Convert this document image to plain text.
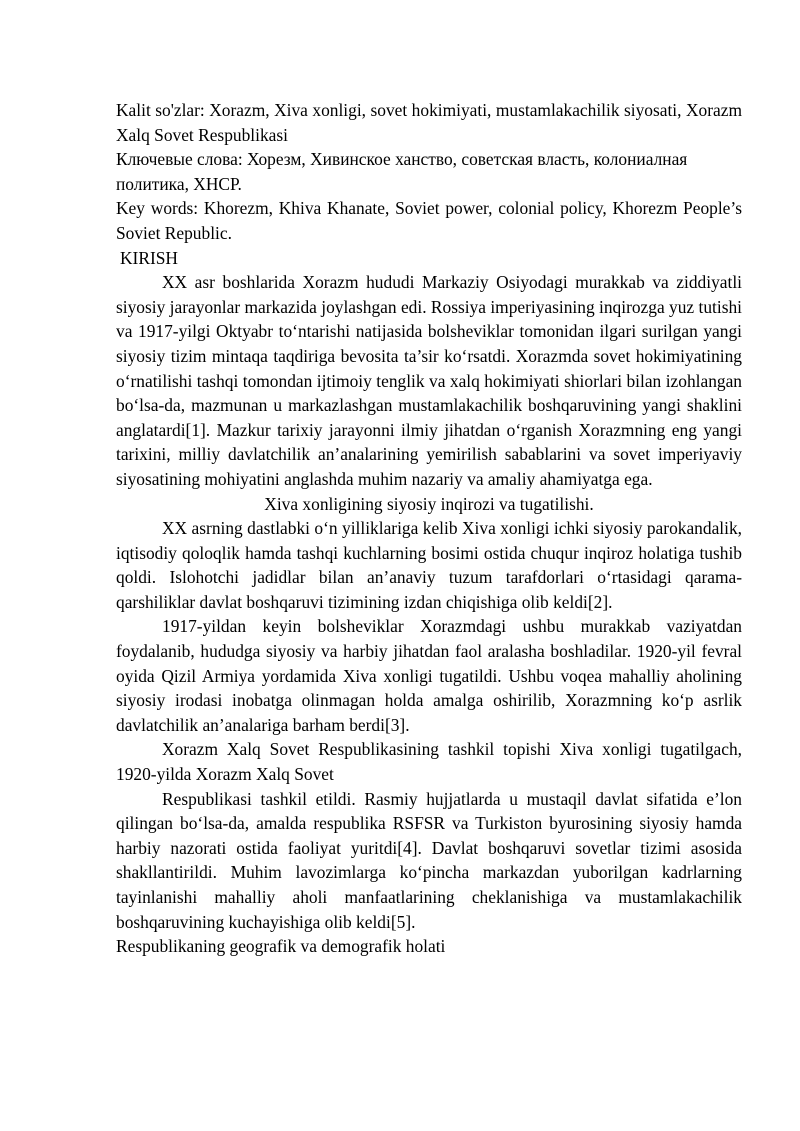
Kalit so'zlar: Xorazm, Xiva xonligi, sovet hokimiyati, mustamlakachilik siyosati, Xorazm Xalq Sovet Respublikasi

Ключевые слова: Хорезм, Хивинское ханство, советская власть, колониалная политика, ХНСР.

Key words: Khorezm, Khiva Khanate, Soviet power, colonial policy, Khorezm People’s Soviet Republic.

KIRISH

XX asr boshlarida Xorazm hududi Markaziy Osiyodagi murakkab va ziddiyatli siyosiy jarayonlar markazida joylashgan edi. Rossiya imperiyasining inqirozga yuz tutishi va 1917-yilgi Oktyabr to‘ntarishi natijasida bolsheviklar tomonidan ilgari surilgan yangi siyosiy tizim mintaqa taqdiriga bevosita ta’sir ko‘rsatdi. Xorazmda sovet hokimiyatining o‘rnatilishi tashqi tomondan ijtimoiy tenglik va xalq hokimiyati shiorlari bilan izohlangan bo‘lsa-da, mazmunan u markazlashgan mustamlakachilik boshqaruvining yangi shaklini anglatardi[1]. Mazkur tarixiy jarayonni ilmiy jihatdan o‘rganish Xorazmning eng yangi tarixini, milliy davlatchilik an’analarining yemirilish sabablarini va sovet imperiyaviy siyosatining mohiyatini anglashda muhim nazariy va amaliy ahamiyatga ega.

Xiva xonligining siyosiy inqirozi va tugatilishi.

XX asrning dastlabki o‘n yilliklariga kelib Xiva xonligi ichki siyosiy parokandalik, iqtisodiy qoloqlik hamda tashqi kuchlarning bosimi ostida chuqur inqiroz holatiga tushib qoldi. Islohotchi jadidlar bilan an’anaviy tuzum tarafdorlari o‘rtasidagi qarama-qarshiliklar davlat boshqaruvi tizimining izdan chiqishiga olib keldi[2].

1917-yildan keyin bolsheviklar Xorazmdagi ushbu murakkab vaziyatdan foydalanib, hududga siyosiy va harbiy jihatdan faol aralasha boshladilar. 1920-yil fevral oyida Qizil Armiya yordamida Xiva xonligi tugatildi. Ushbu voqea mahalliy aholining siyosiy irodasi inobatga olinmagan holda amalga oshirilib, Xorazmning ko‘p asrlik davlatchilik an’analariga barham berdi[3].

Xorazm Xalq Sovet Respublikasining tashkil topishi Xiva xonligi tugatilgach, 1920-yilda Xorazm Xalq Sovet

Respublikasi tashkil etildi. Rasmiy hujjatlarda u mustaqil davlat sifatida e’lon qilingan bo‘lsa-da, amalda respublika RSFSR va Turkiston byurosining siyosiy hamda harbiy nazorati ostida faoliyat yuritdi[4]. Davlat boshqaruvi sovetlar tizimi asosida shakllantirildi. Muhim lavozimlarga ko‘pincha markazdan yuborilgan kadrlarning tayinlanishi mahalliy aholi manfaatlarining cheklanishiga va mustamlakachilik boshqaruvining kuchayishiga olib keldi[5].

Respublikaning geografik va demografik holati
